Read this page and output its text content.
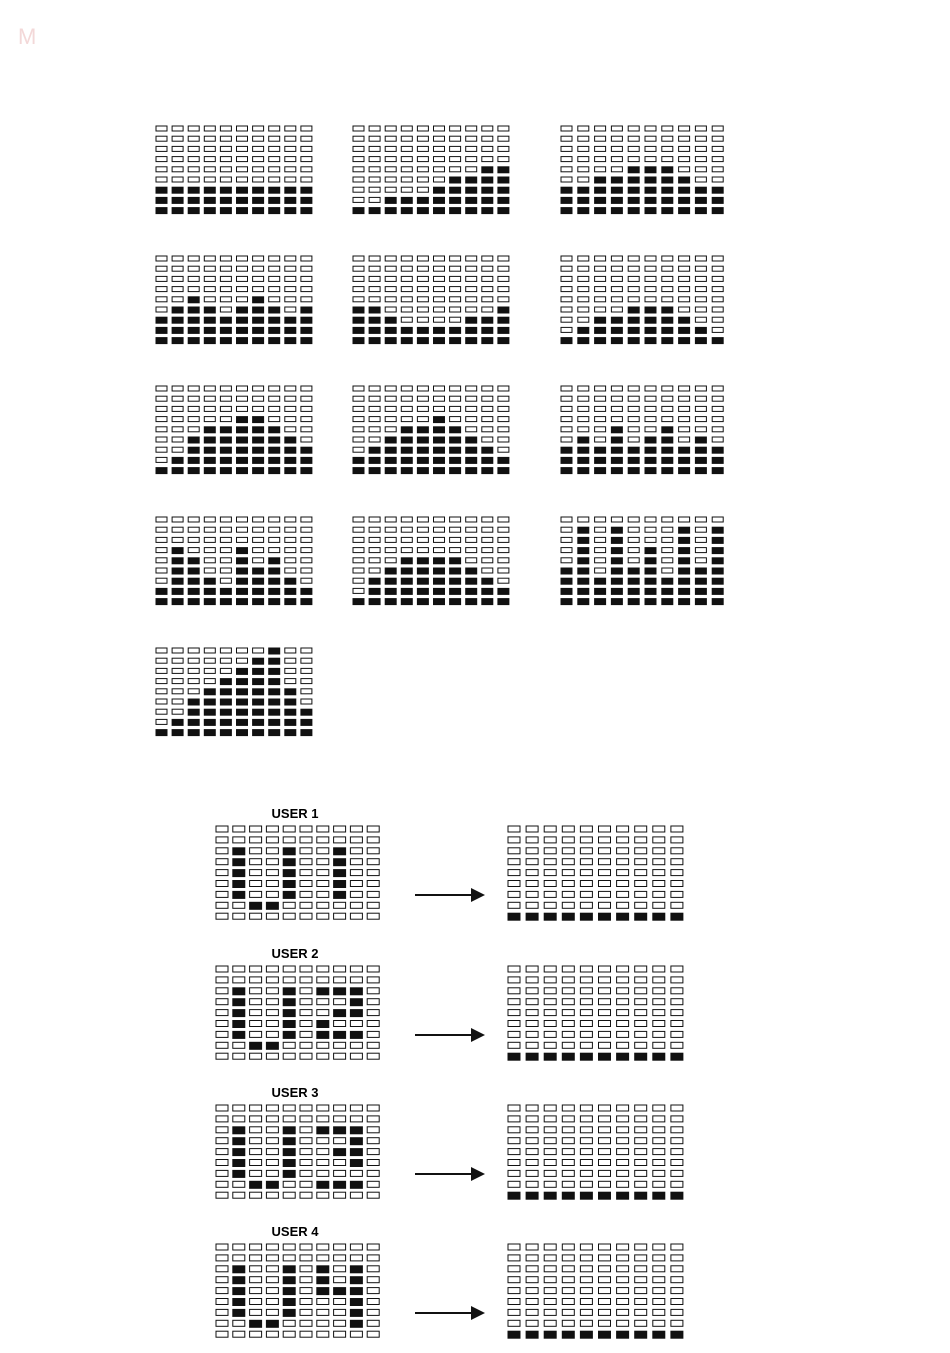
M
USER 1
USER 2
USER 3
USER 4
